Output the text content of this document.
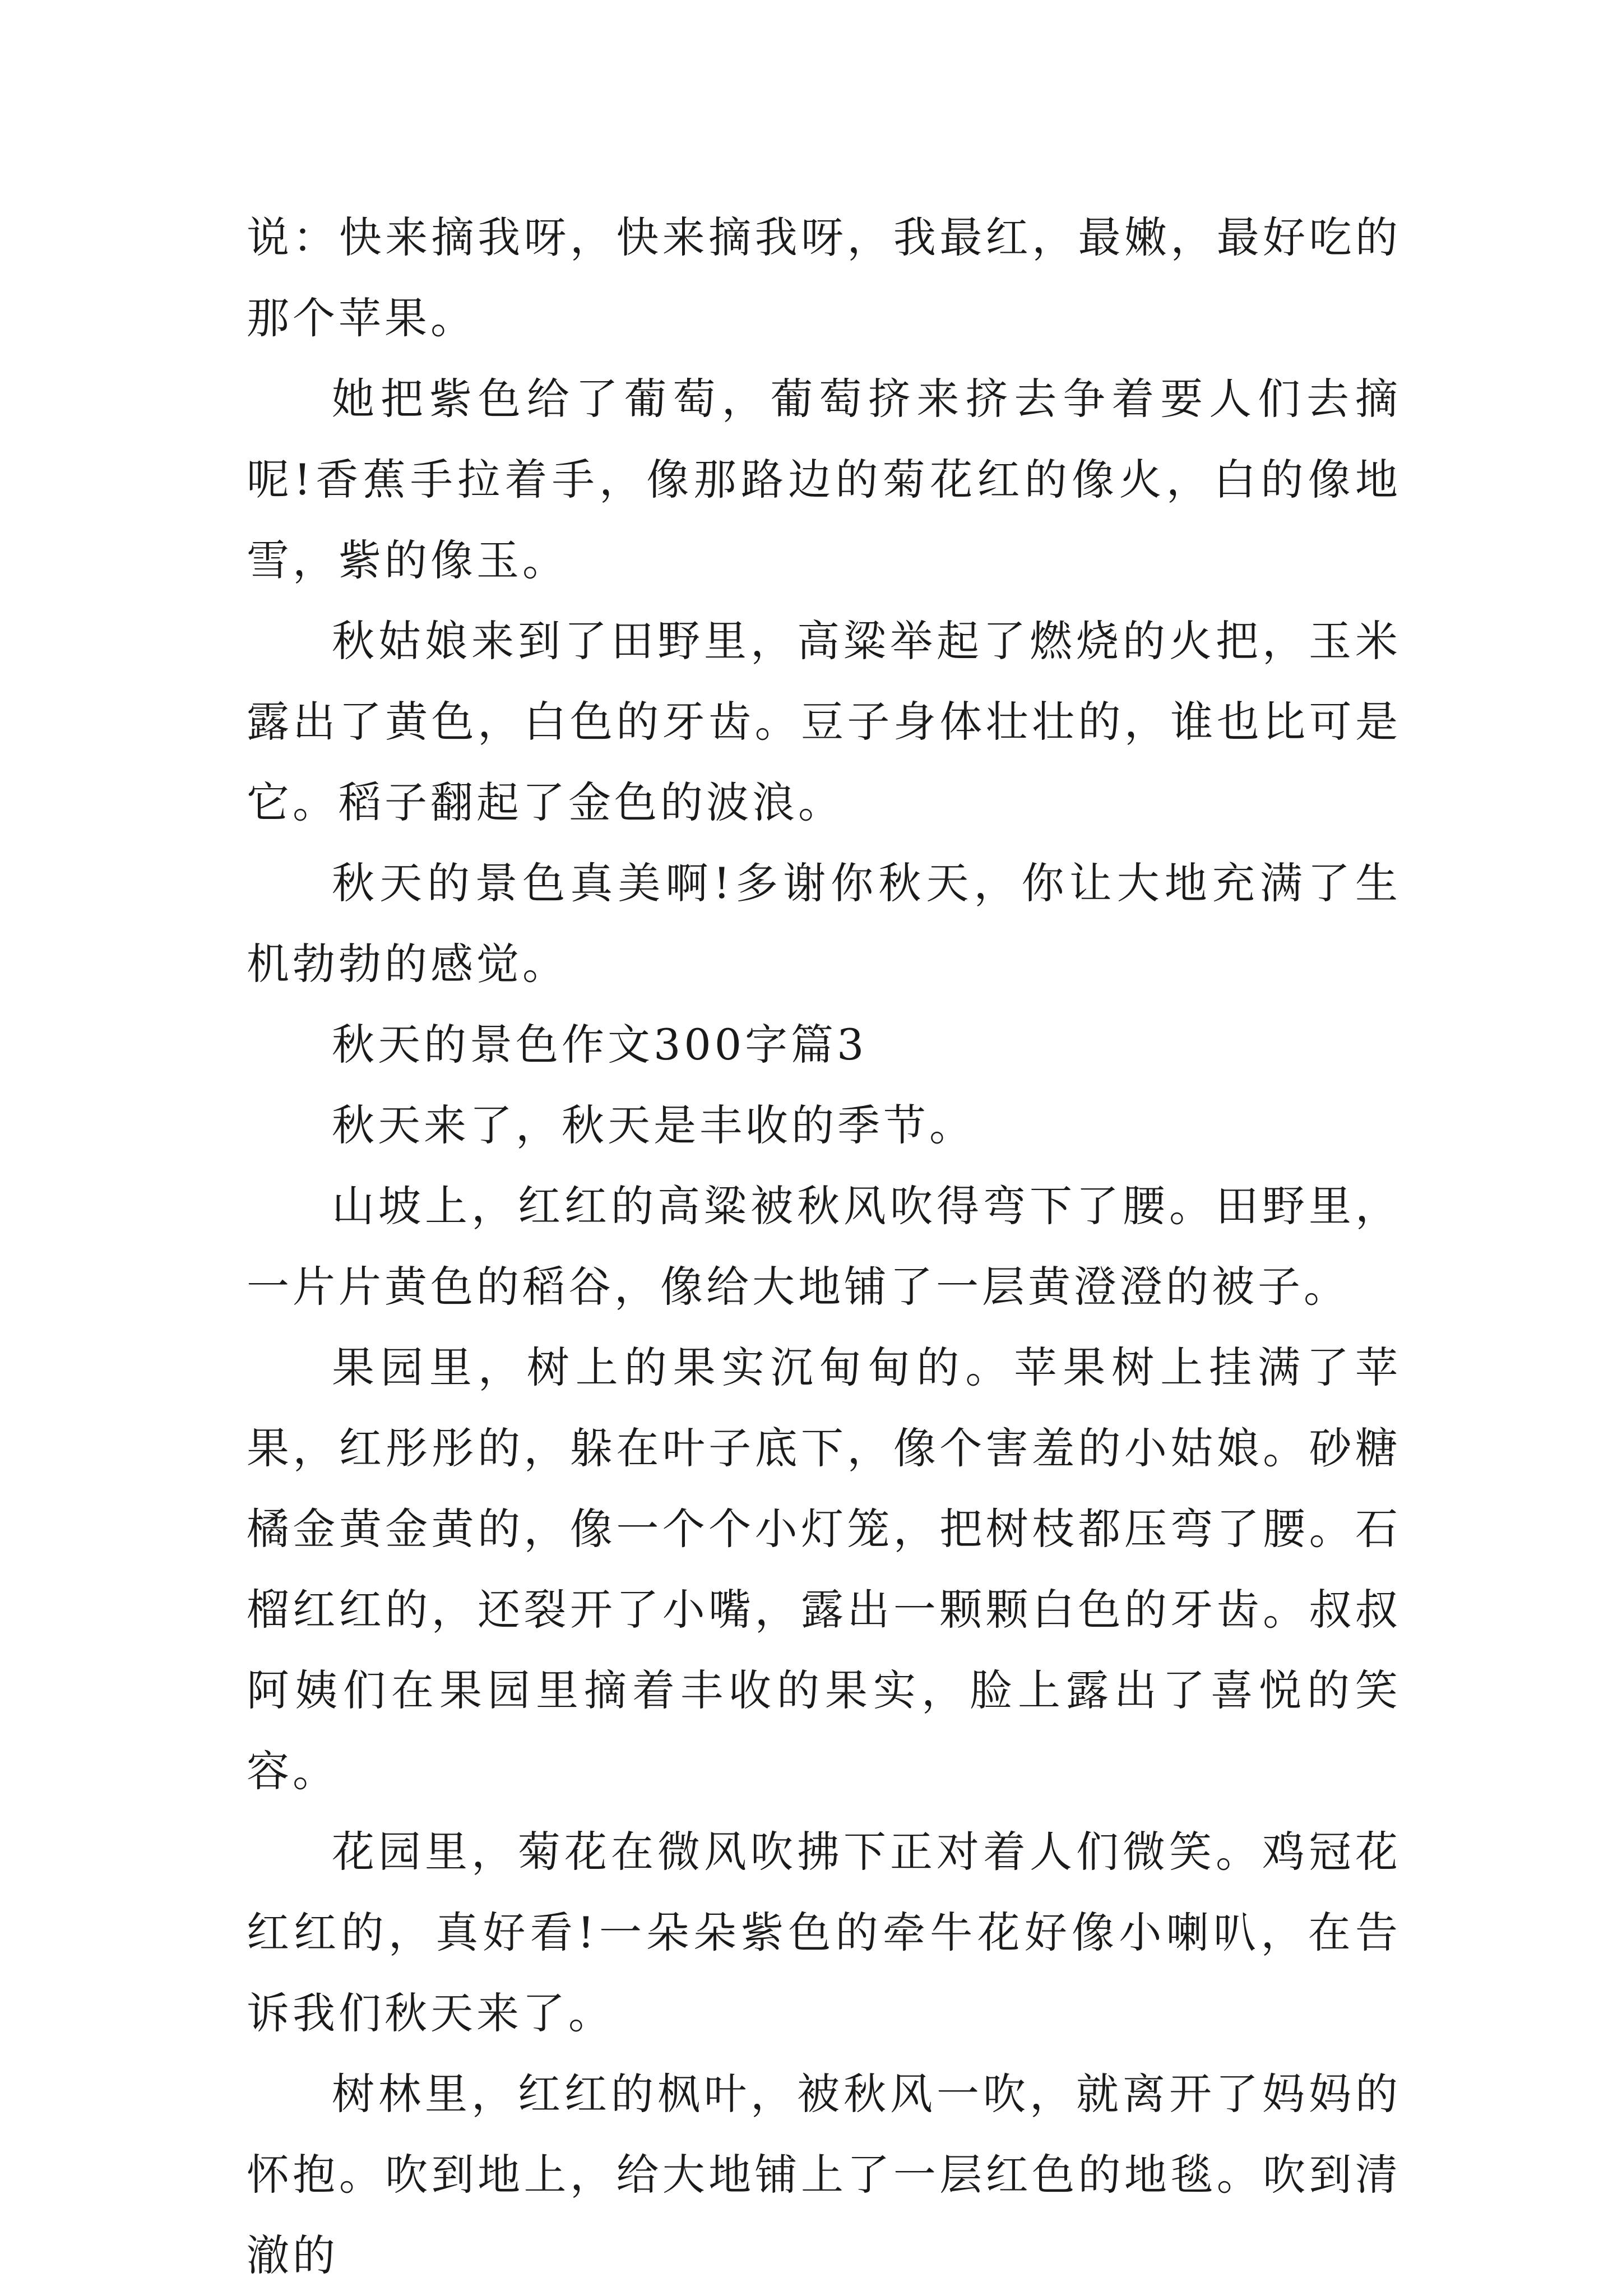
说：快来摘我呀，快来摘我呀，我最红，最嫩，最好吃的那个苹果。

她把紫色给了葡萄，葡萄挤来挤去争着要人们去摘呢!香蕉手拉着手，像那路边的菊花红的像火，白的像地雪，紫的像玉。

秋姑娘来到了田野里，高粱举起了燃烧的火把，玉米露出了黄色，白色的牙齿。豆子身体壮壮的，谁也比可是它。稻子翻起了金色的波浪。

秋天的景色真美啊!多谢你秋天，你让大地充满了生机勃勃的感觉。

秋天的景色作文300字篇3

秋天来了，秋天是丰收的季节。

山坡上，红红的高粱被秋风吹得弯下了腰。田野里，一片片黄色的稻谷，像给大地铺了一层黄澄澄的被子。

果园里，树上的果实沉甸甸的。苹果树上挂满了苹果，红彤彤的，躲在叶子底下，像个害羞的小姑娘。砂糖橘金黄金黄的，像一个个小灯笼，把树枝都压弯了腰。石榴红红的，还裂开了小嘴，露出一颗颗白色的牙齿。叔叔阿姨们在果园里摘着丰收的果实，脸上露出了喜悦的笑容。

花园里，菊花在微风吹拂下正对着人们微笑。鸡冠花红红的，真好看!一朵朵紫色的牵牛花好像小喇叭，在告诉我们秋天来了。

树林里，红红的枫叶，被秋风一吹，就离开了妈妈的怀抱。吹到地上，给大地铺上了一层红色的地毯。吹到清澈的
